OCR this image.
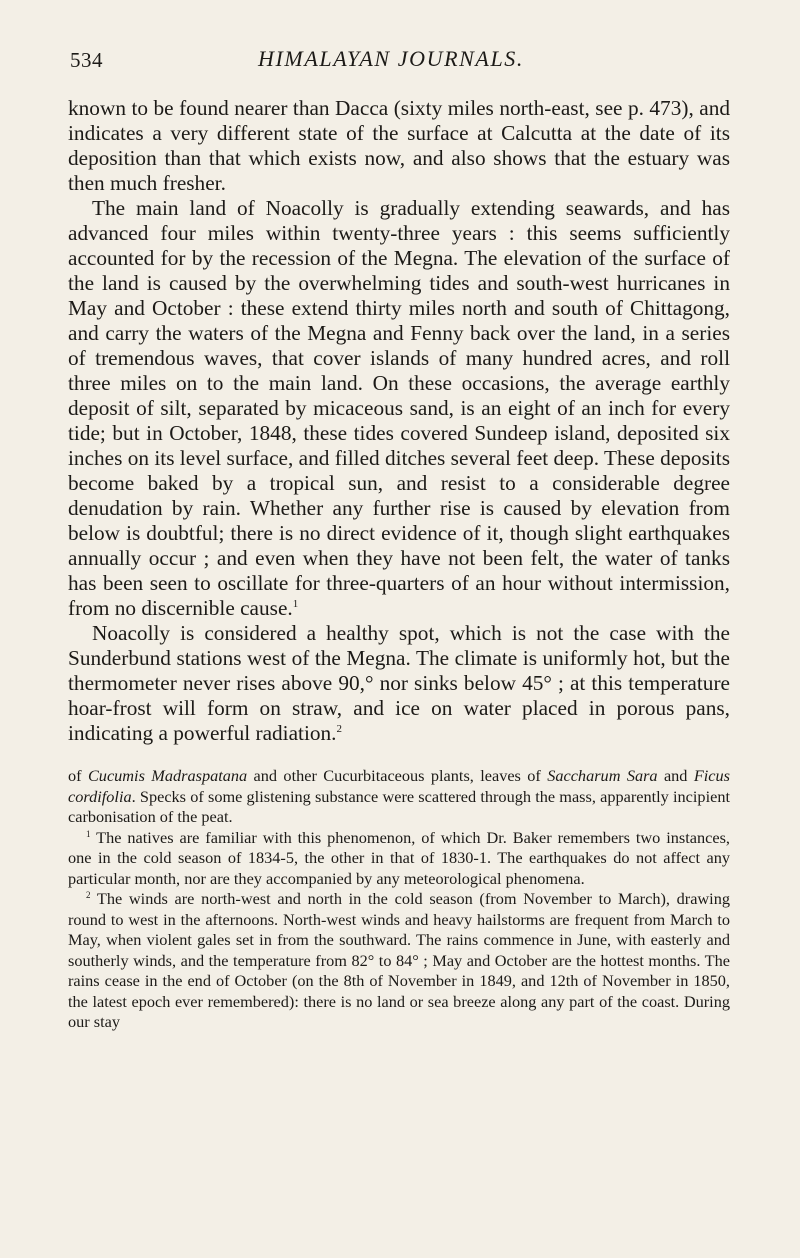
534	HIMALAYAN JOURNALS.

known to be found nearer than Dacca (sixty miles north-east, see p. 473), and indicates a very different state of the surface at Calcutta at the date of its deposition than that which exists now, and also shows that the estuary was then much fresher.

The main land of Noacolly is gradually extending seawards, and has advanced four miles within twenty-three years : this seems sufficiently accounted for by the recession of the Megna. The elevation of the surface of the land is caused by the overwhelming tides and south-west hurricanes in May and October : these extend thirty miles north and south of Chittagong, and carry the waters of the Megna and Fenny back over the land, in a series of tremendous waves, that cover islands of many hundred acres, and roll three miles on to the main land. On these occasions, the average earthly deposit of silt, separated by micaceous sand, is an eight of an inch for every tide; but in October, 1848, these tides covered Sundeep island, deposited six inches on its level surface, and filled ditches several feet deep. These deposits become baked by a tropical sun, and resist to a considerable degree denudation by rain. Whether any further rise is caused by elevation from below is doubtful; there is no direct evidence of it, though slight earthquakes annually occur ; and even when they have not been felt, the water of tanks has been seen to oscillate for three-quarters of an hour without intermission, from no discernible cause.$^1$

Noacolly is considered a healthy spot, which is not the case with the Sunderbund stations west of the Megna. The climate is uniformly hot, but the thermometer never rises above 90,° nor sinks below 45° ; at this temperature hoar-frost will form on straw, and ice on water placed in porous pans, indicating a powerful radiation.$^2$

of Cucumis Madraspatana and other Cucurbitaceous plants, leaves of Saccharum Sara and Ficus cordifolia. Specks of some glistening substance were scattered through the mass, apparently incipient carbonisation of the peat.

$^1$ The natives are familiar with this phenomenon, of which Dr. Baker remembers two instances, one in the cold season of 1834-5, the other in that of 1830-1. The earthquakes do not affect any particular month, nor are they accompanied by any meteorological phenomena.

$^2$ The winds are north-west and north in the cold season (from November to March), drawing round to west in the afternoons. North-west winds and heavy hailstorms are frequent from March to May, when violent gales set in from the southward. The rains commence in June, with easterly and southerly winds, and the temperature from 82° to 84° ; May and October are the hottest months. The rains cease in the end of October (on the 8th of November in 1849, and 12th of November in 1850, the latest epoch ever remembered): there is no land or sea breeze along any part of the coast. During our stay
